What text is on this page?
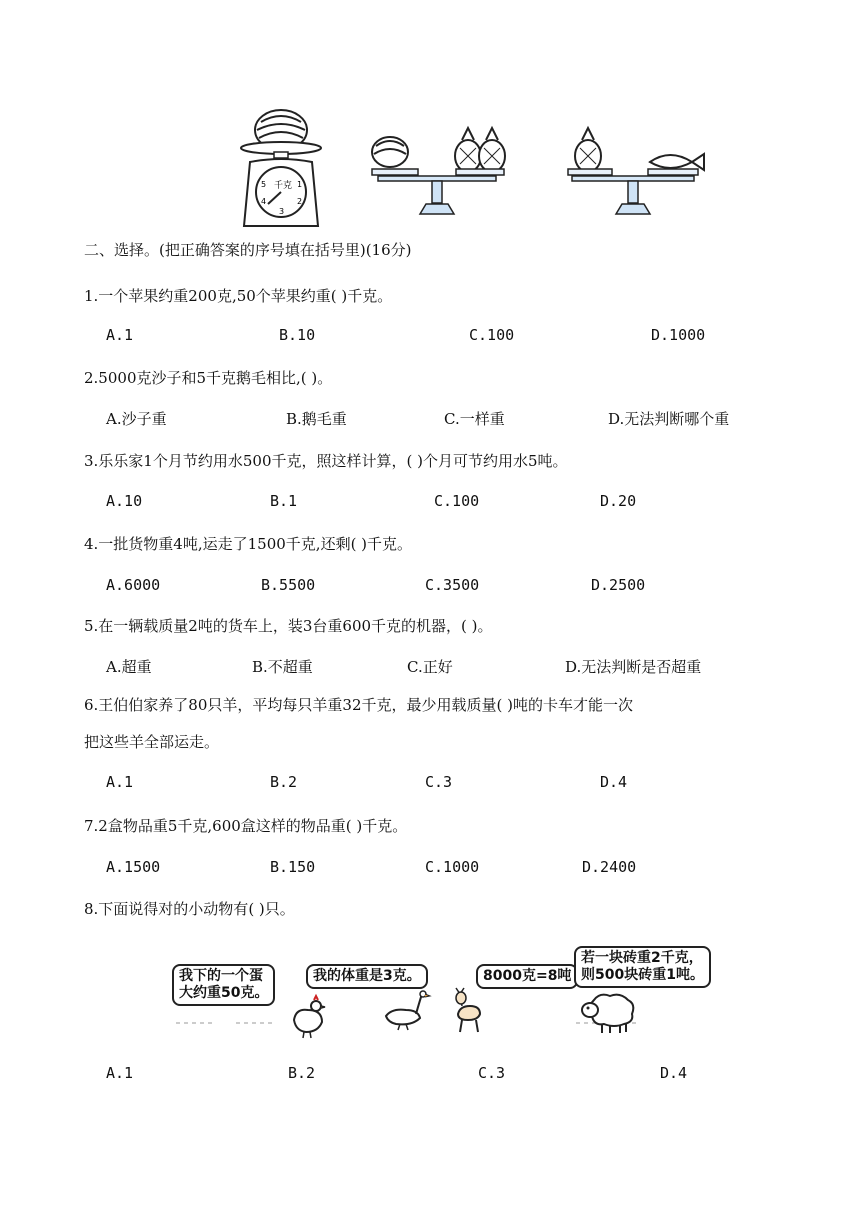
千克
5	1
4	2
3
二、选择。(把正确答案的序号填在括号里)(16分)
1.一个苹果约重200克,50个苹果约重( )千克。
A.1	B.10	C.100	D.1000
2.5000克沙子和5千克鹅毛相比,( )。
A.沙子重	B.鹅毛重	C.一样重	D.无法判断哪个重
3.乐乐家1个月节约用水500千克，照这样计算，( )个月可节约用水5吨。
A.10	B.1	C.100	D.20
4.一批货物重4吨,运走了1500千克,还剩( )千克。
A.6000	B.5500	C.3500	D.2500
5.在一辆载质量2吨的货车上，装3台重600千克的机器，( )。
A.超重	B.不超重	C.正好	D.无法判断是否超重
6.王伯伯家养了80只羊，平均每只羊重32千克，最少用载质量( )吨的卡车才能一次
把这些羊全部运走。
A.1	B.2	C.3	D.4
7.2盒物品重5千克,600盒这样的物品重( )千克。
A.1500	B.150	C.1000	D.2400
8.下面说得对的小动物有( )只。
我下的一个蛋
大约重50克。
我的体重是3克。	8000克=8吨
若一块砖重2千克，
则500块砖重1吨。
A.1	B.2	C.3	D.4
